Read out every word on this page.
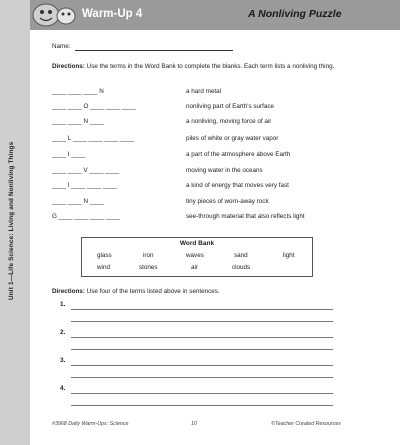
Unit 1—Life Science: Living and Nonliving Things
Warm-Up 4	A Nonliving Puzzle
Name:
Directions: Use the terms in the Word Bank to complete the blanks. Each term lists a nonliving thing.
____ ____ ____ N	a hard metal
____ ____ O ____ ____ ____	nonliving part of Earth's surface
____ ____ N ____	a nonliving, moving force of air
____ L ____ ____ ____ ____	piles of white or gray water vapor
____ I ____	a part of the atmosphere above Earth
____ ____ V ____ ____	moving water in the oceans
____ I ____ ____ ____	a kind of energy that moves very fast
____ ____ N ____	tiny pieces of worn-away rock
G ____ ____ ____ ____	see-through material that also reflects light
Word Bank
glass	iron	waves	sand	light
wind	stones	air	clouds
Directions: Use four of the terms listed above in sentences.
1.
2.
3.
4.
#3968 Daily Warm-Ups: Science	10	©Teacher Created Resources
